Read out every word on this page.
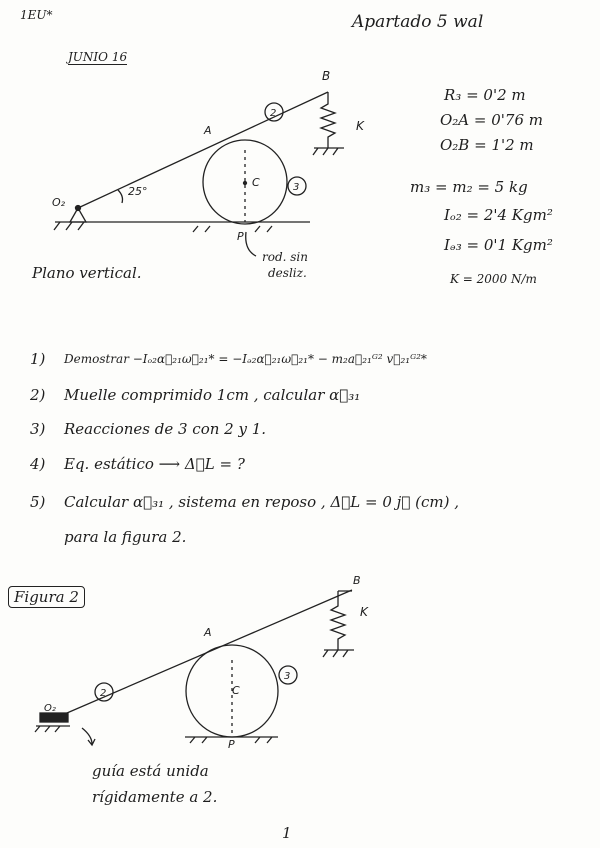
1EU*	Apartado 5 wal
JUNIO 16
B
A
C
P
K
O₂
2
3
25°
rod. sin
desliz.
Plano vertical.
R₃ = 0'2 m
O₂A = 0'76 m
O₂B = 1'2 m
m₃ = m₂ = 5 kg
Iₒ₂ = 2'4 Kgm²
Iₔ₃ = 0'1 Kgm²
K = 2000 N/m
1) Demostrar −Iₒ₂α⃗₂₁ω⃗₂₁* = −Iₔ₂α⃗₂₁ω⃗₂₁* − m₂a⃗₂₁ᴳ² v⃗₂₁ᴳ²*
2) Muelle comprimido 1cm , calcular α⃗₃₁
3) Reacciones de 3 con 2 y 1.
4) Eq. estático ⟶ Δ⃗L = ?
5) Calcular α⃗₃₁ , sistema en reposo , Δ⃗L = 0 j⃗ (cm) ,
para la figura 2.
Figura 2
B
A
C
P
K
O₂
2
3
guía está unida
rígidamente a 2.
1
